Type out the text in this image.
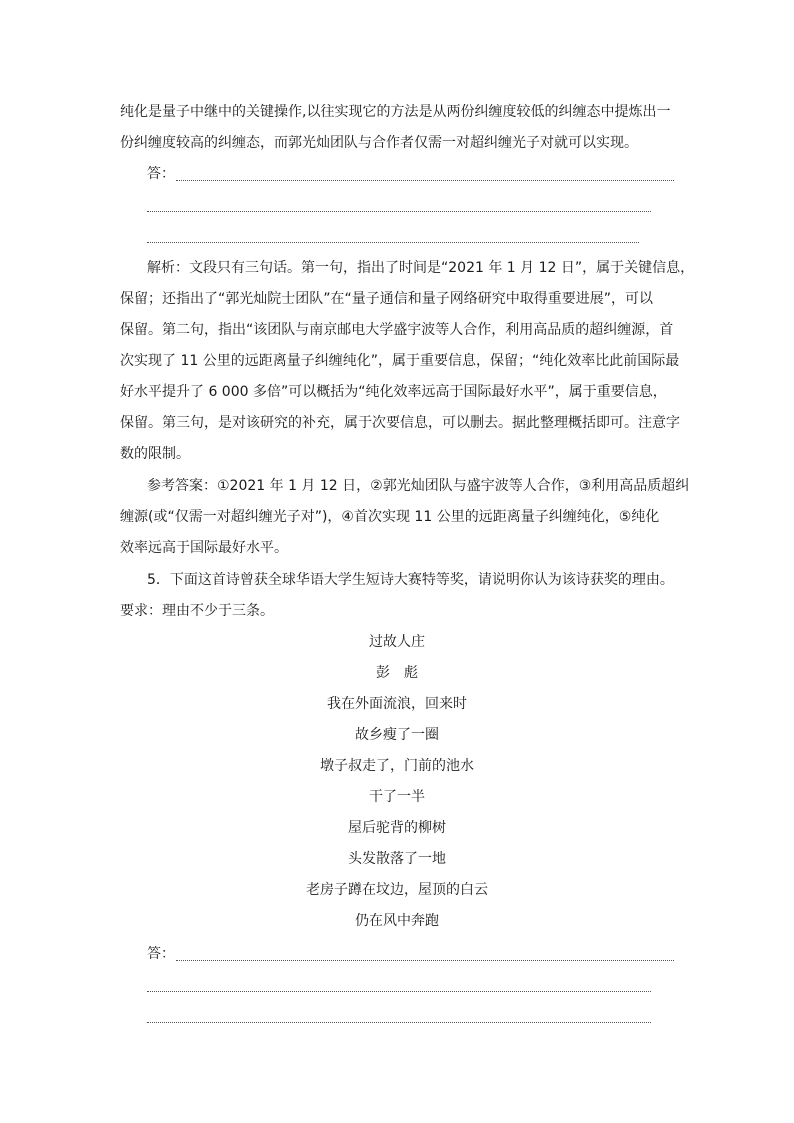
纯化是量子中继中的关键操作,以往实现它的方法是从两份纠缠度较低的纠缠态中提炼出一
份纠缠度较高的纠缠态，而郭光灿团队与合作者仅需一对超纠缠光子对就可以实现。
答：
解析：文段只有三句话。第一句，指出了时间是“2021 年 1 月 12 日”，属于关键信息，
保留；还指出了“郭光灿院士团队”在“量子通信和量子网络研究中取得重要进展”，可以
保留。第二句，指出“该团队与南京邮电大学盛宇波等人合作，利用高品质的超纠缠源，首
次实现了 11 公里的远距离量子纠缠纯化”，属于重要信息，保留；“纯化效率比此前国际最
好水平提升了 6 000 多倍”可以概括为“纯化效率远高于国际最好水平”，属于重要信息，
保留。第三句，是对该研究的补充，属于次要信息，可以删去。据此整理概括即可。注意字
数的限制。
参考答案：①2021 年 1 月 12 日，②郭光灿团队与盛宇波等人合作，③利用高品质超纠
缠源(或“仅需一对超纠缠光子对”)，④首次实现 11 公里的远距离量子纠缠纯化，⑤纯化
效率远高于国际最好水平。
5．下面这首诗曾获全球华语大学生短诗大赛特等奖，请说明你认为该诗获奖的理由。
要求：理由不少于三条。
过故人庄
彭　彪
我在外面流浪，回来时
故乡瘦了一圈
墩子叔走了，门前的池水
干了一半
屋后驼背的柳树
头发散落了一地
老房子蹲在坟边，屋顶的白云
仍在风中奔跑
答：
